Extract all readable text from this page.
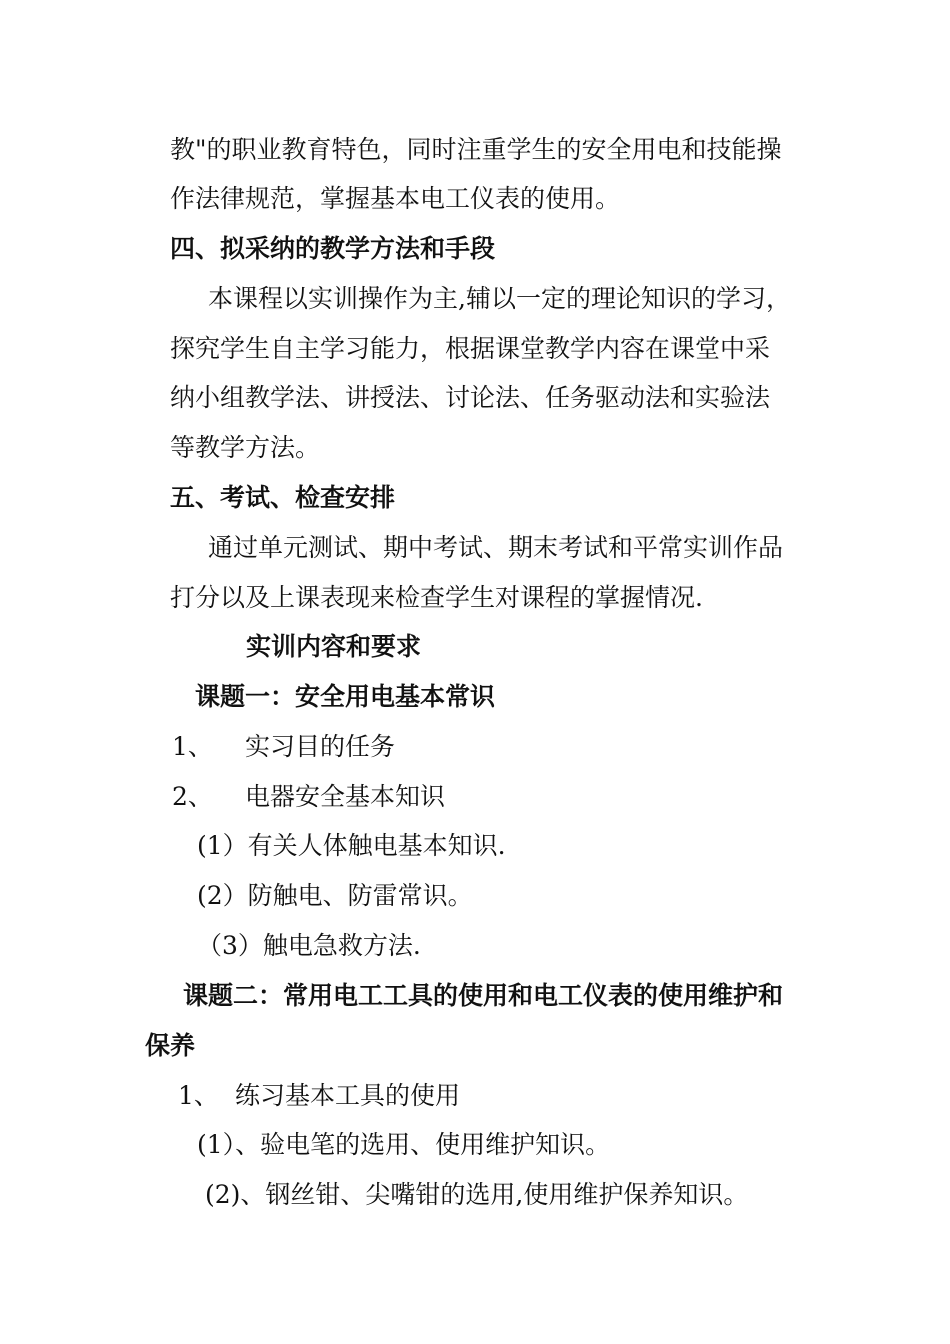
教"的职业教育特色，同时注重学生的安全用电和技能操

作法律规范，掌握基本电工仪表的使用。

四、拟采纳的教学方法和手段

本课程以实训操作为主,辅以一定的理论知识的学习，

探究学生自主学习能力，根据课堂教学内容在课堂中采

纳小组教学法、讲授法、讨论法、任务驱动法和实验法

等教学方法。

五、考试、检查安排

通过单元测试、期中考试、期末考试和平常实训作品

打分以及上课表现来检查学生对课程的掌握情况.

实训内容和要求
课题一：安全用电基本常识
1、 实习目的任务
2、 电器安全基本知识

(1）有关人体触电基本知识.

(2）防触电、防雷常识。

（3）触电急救方法.

课题二：常用电工工具的使用和电工仪表的使用维护和
保养
1、 练习基本工具的使用

(1）、验电笔的选用、使用维护知识。

(2)、钢丝钳、尖嘴钳的选用,使用维护保养知识。
